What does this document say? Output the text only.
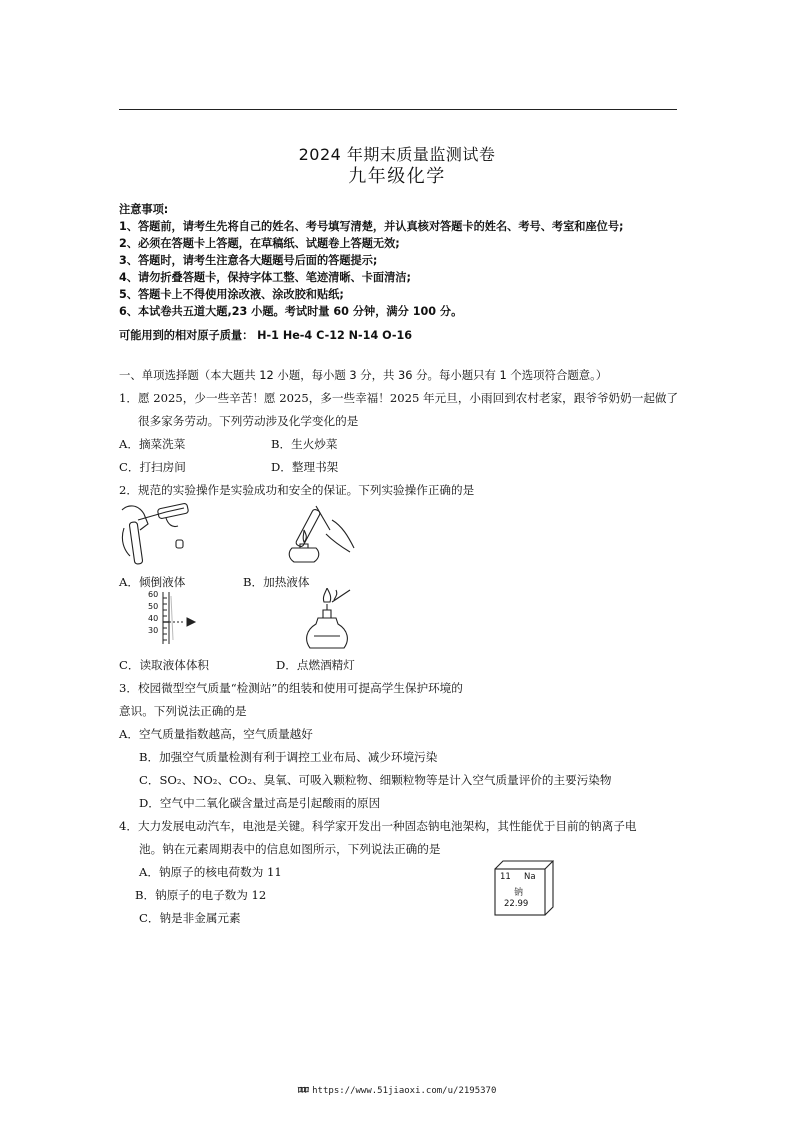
2024 年期末质量监测试卷
九年级化学
注意事项:
1、答题前，请考生先将自己的姓名、考号填写清楚，并认真核对答题卡的姓名、考号、考室和座位号;
2、必须在答题卡上答题，在草稿纸、试题卷上答题无效;
3、答题时，请考生注意各大题题号后面的答题提示;
4、请勿折叠答题卡，保持字体工整、笔迹清晰、卡面清洁;
5、答题卡上不得使用涂改液、涂改胶和贴纸;
6、本试卷共五道大题,23 小题。考试时量 60 分钟，满分 100 分。
可能用到的相对原子质量： H-1 He-4 C-12 N-14 O-16
一、单项选择题（本大题共 12 小题，每小题 3 分，共 36 分。每小题只有 1 个选项符合题意。）
1．愿 2025，少一些辛苦！愿 2025，多一些幸福！2025 年元旦，小雨回到农村老家，跟爷爷奶奶一起做了
很多家务劳动。下列劳动涉及化学变化的是
A．摘菜洗菜	B．生火炒菜
C．打扫房间	D．整理书架
2．规范的实验操作是实验成功和安全的保证。下列实验操作正确的是
A．倾倒液体	B．加热液体
60
50
40
30
C．读取液体体积	D．点燃酒精灯
3．校园微型空气质量“检测站”的组装和使用可提高学生保护环境的
意识。下列说法正确的是
A．空气质量指数越高，空气质量越好
B．加强空气质量检测有利于调控工业布局、减少环境污染
C．SO₂、NO₂、CO₂、臭氧、可吸入颗粒物、细颗粒物等是计入空气质量评价的主要污染物
D．空气中二氧化碳含量过高是引起酸雨的原因
4．大力发展电动汽车，电池是关键。科学家开发出一种固态钠电池架构，其性能优于目前的钠离子电
池。钠在元素周期表中的信息如图所示，下列说法正确的是
A．钠原子的核电荷数为 11
B．钠原子的电子数为 12
C．钠是非金属元素
11 Na
钠
22.99
ﾛﾛﾛ https://www.51jiaoxi.com/u/2195370
